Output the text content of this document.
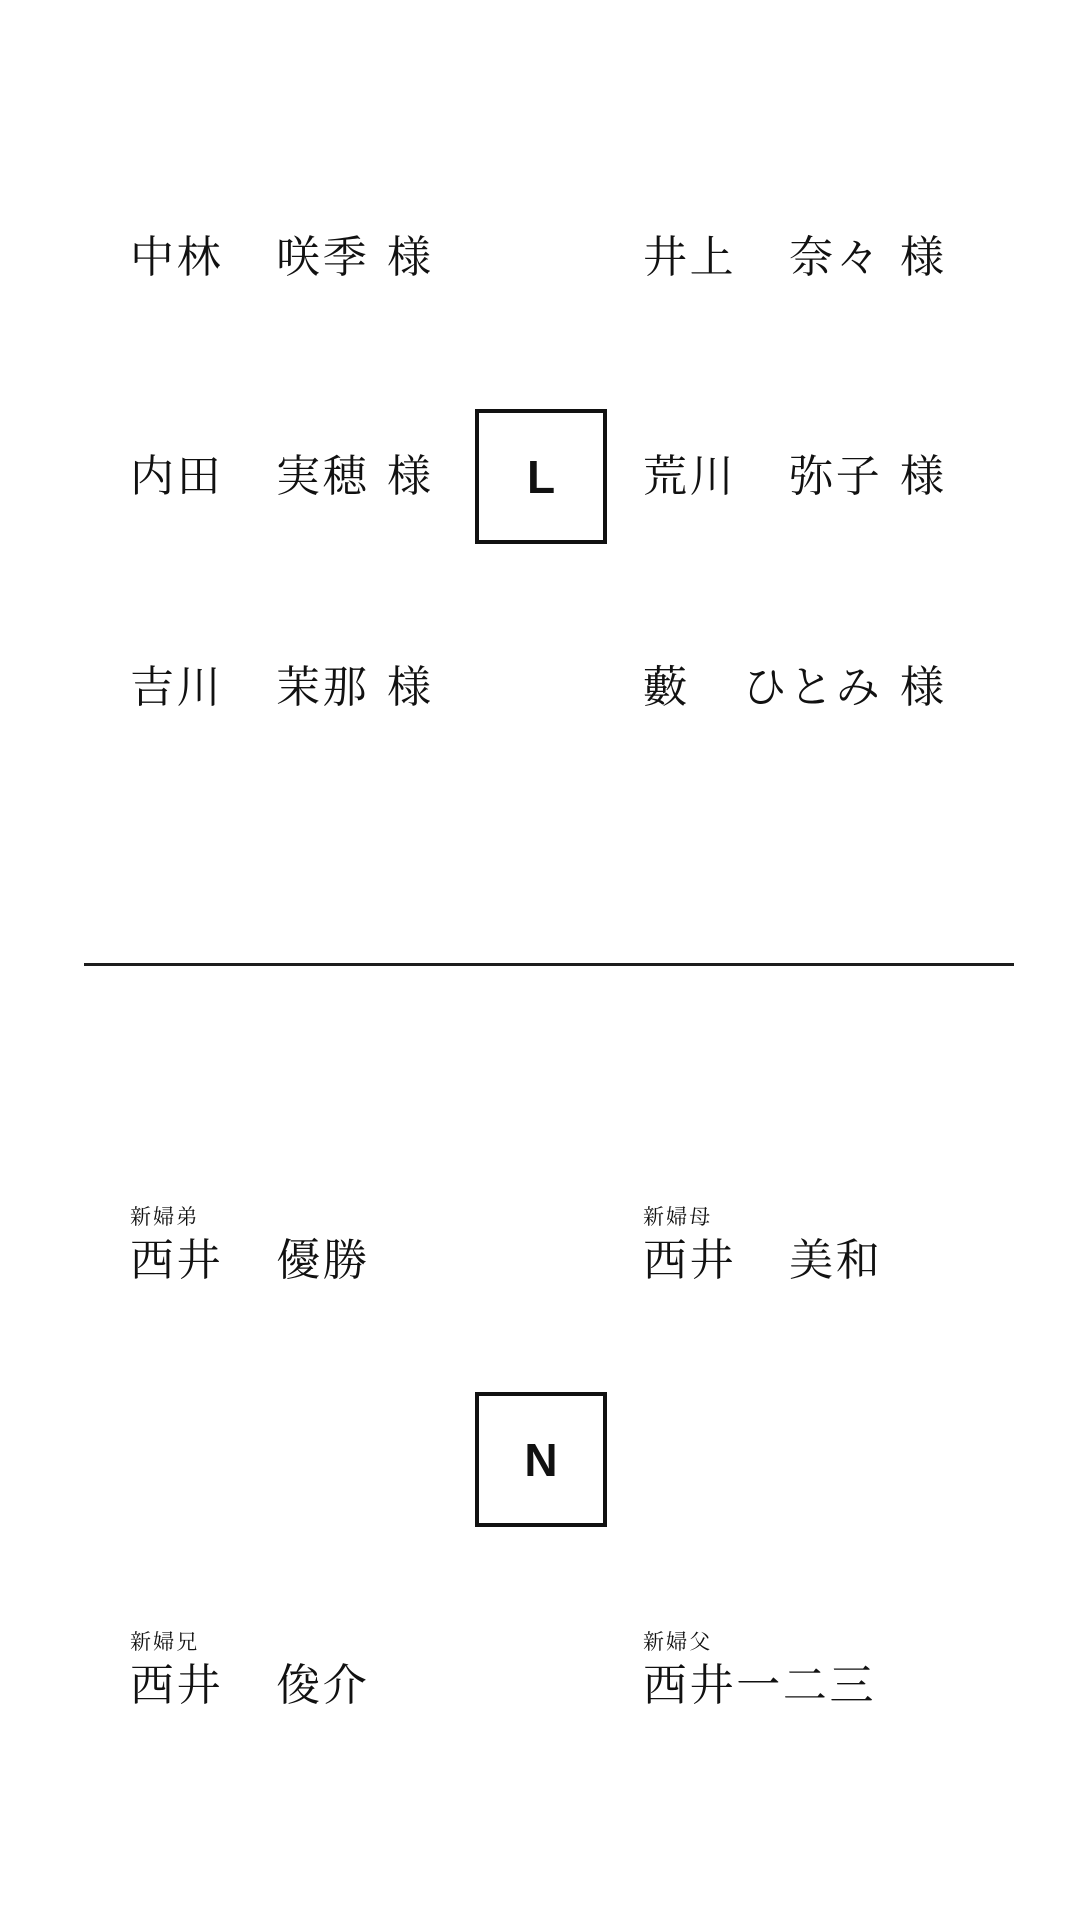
中林 咲季 様	井上 奈々 様
内田 実穂 様 L 荒川 弥子 様
吉川 茉那 様	藪 ひとみ 様
新婦弟
西井 優勝
新婦母
西井 美和
N
新婦兄
西井 俊介
新婦父
西井一二三
